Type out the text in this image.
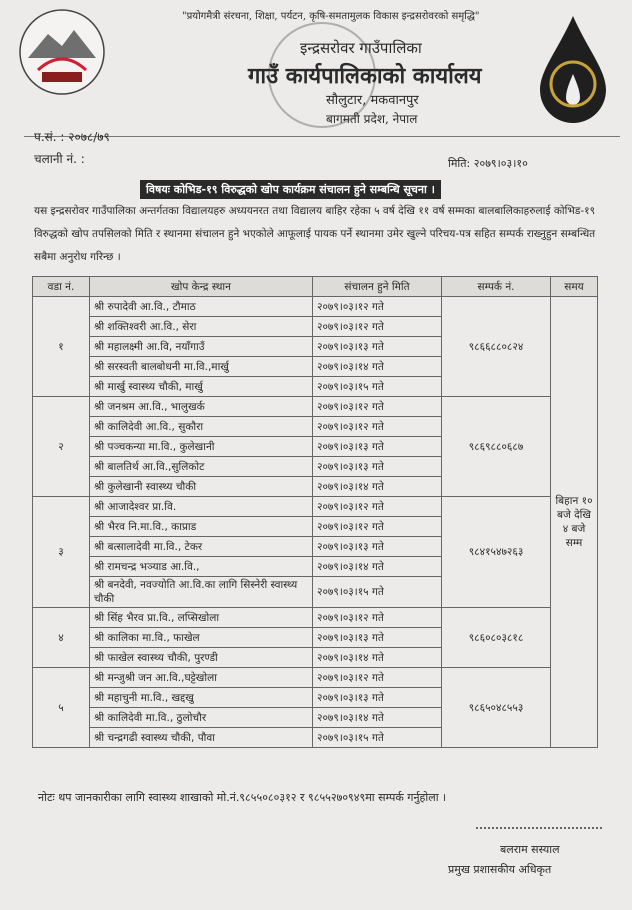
"प्रयोगमैत्री संरचना, शिक्षा, पर्यटन, कृषि-समतामुलक विकास इन्द्रसरोवरको समृद्धि"
इन्द्रसरोवर गाउँपालिका
गाउँ कार्यपालिकाको कार्यालय
सौलुटार, मकवानपुर
बागमती प्रदेश, नेपाल
प.सं. : २०७८/७९
चलानी नं. :	मिति: २०७९।०३।१०
विषयः कोभिड-१९ विरुद्धको खोप कार्यक्रम संचालन हुने सम्बन्धि सूचना ।
यस इन्द्रसरोवर गाउँपालिका अन्तर्गतका विद्यालयहरु अध्ययनरत तथा विद्यालय बाहिर रहेका ५ वर्ष देखि ११ वर्ष सम्मका बालबालिकाहरुलाई कोभिड-१९ विरुद्धको खोप तपसिलको मिति र स्थानमा संचालन हुने भएकोले आफूलाई पायक पर्ने स्थानमा उमेर खुल्ने परिचय-पत्र सहित सम्पर्क राख्नुहुन सम्बन्धित सबैमा अनुरोध गरिन्छ ।
वडा नं.	खोप केन्द्र स्थान	संचालन हुने मिति	सम्पर्क नं.	समय
१	श्री रुपादेवी आ.वि., टौमाठ	२०७९।०३।१२ गते	९८६६८८०८२४	बिहान १० बजे देखि ४ बजे सम्म
	श्री शक्तिश्वरी आ.वि., सेरा	२०७९।०३।१२ गते		
	श्री महालक्ष्मी आ.वि, नयाँगाउँ	२०७९।०३।१३ गते		
	श्री सरस्वती बालबोधनी मा.वि.,मार्खु	२०७९।०३।१४ गते		
	श्री मार्खु स्वास्थ्य चौकी, मार्खु	२०७९।०३।१५ गते		
२	श्री जनश्रम आ.वि., भालुखर्क	२०७९।०३।१२ गते	९८६९८८०६८७	
	श्री कालिदेवी आ.वि., सुकौरा	२०७९।०३।१२ गते		
	श्री पञ्चकन्या मा.वि., कुलेखानी	२०७९।०३।१३ गते		
	श्री बालतिर्थ आ.वि.,सुलिकोट	२०७९।०३।१३ गते		
	श्री कुलेखानी स्वास्थ्य चौकी	२०७९।०३।१४ गते		
३	श्री आजादेश्वर प्रा.वि.	२०७९।०३।१२ गते	९८४१५४७२६३	
	श्री भैरव नि.मा.वि., काप्राड	२०७९।०३।१२ गते		
	श्री बत्सालादेवी मा.वि., टेकर	२०७९।०३।१३ गते		
	श्री रामचन्द्र भञ्याड आ.वि.,	२०७९।०३।१४ गते		
	श्री बनदेवी, नवज्योति आ.वि.का लागि सिस्नेरी स्वास्थ्य चौकी	२०७९।०३।१५ गते		
४	श्री सिंह भैरव प्रा.वि., लप्सिखोला	२०७९।०३।१२ गते	९८६०८०३८१८	
	श्री कालिका मा.वि., फाखेल	२०७९।०३।१३ गते		
	श्री फाखेल स्वास्थ्य चौकी, पुरण्डी	२०७९।०३।१४ गते		
५	श्री मन्जुश्री जन आ.वि.,घट्टेखोला	२०७९।०३।१२ गते	९८६५०४८५५३	
	श्री महाचुनी मा.वि., खद्दखु	२०७९।०३।१३ गते		
	श्री कालिदेवी मा.वि., ठुलोचौर	२०७९।०३।१४ गते		
	श्री चन्द्रगढी स्वास्थ्य चौकी, पौवा	२०७९।०३।१५ गते		
नोटः थप जानकारीका लागि स्वास्थ्य शाखाको मो.नं.९८५५०८०३१२ र ९८५५२७०९४९मा सम्पर्क गर्नुहोला ।
बलराम सस्याल
प्रमुख प्रशासकीय अधिकृत
